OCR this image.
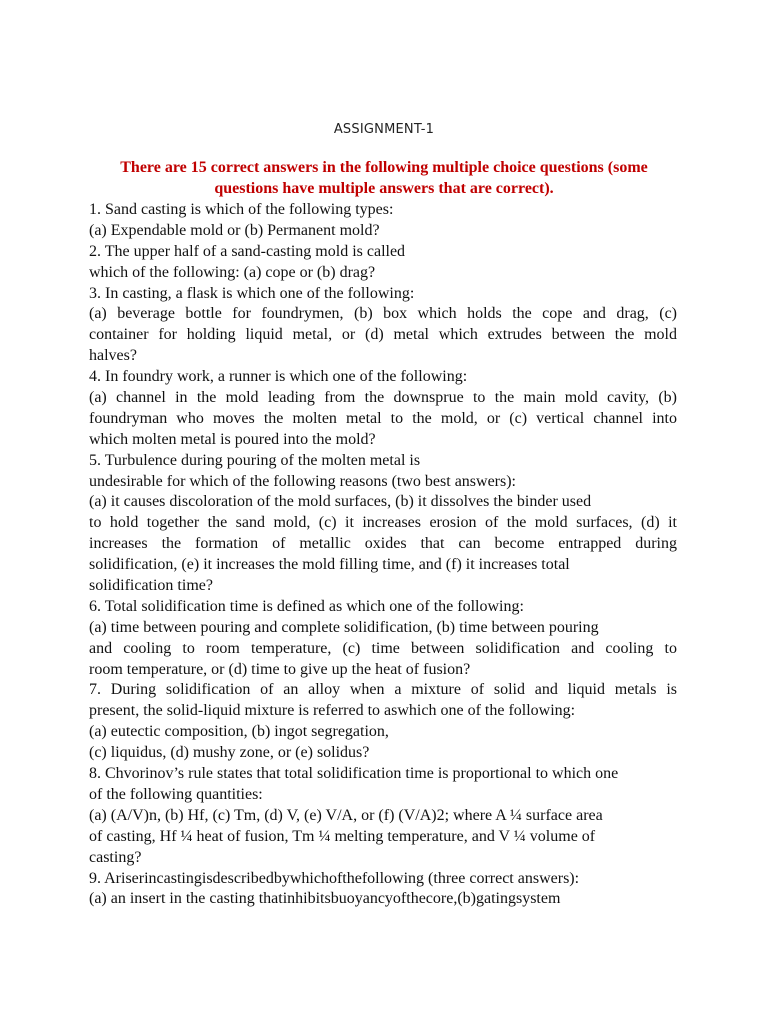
ASSIGNMENT-1
There are 15 correct answers in the following multiple choice questions (some questions have multiple answers that are correct).
1. Sand casting is which of the following types:
(a) Expendable mold or (b) Permanent mold?
2. The upper half of a sand-casting mold is called
which of the following: (a) cope or (b) drag?
3. In casting, a flask is which one of the following:
(a) beverage bottle for foundrymen, (b) box which holds the cope and drag, (c)
container for holding liquid metal, or (d) metal which extrudes between the mold
halves?
4. In foundry work, a runner is which one of the following:
(a) channel in the mold leading from the downsprue to the main mold cavity, (b)
foundryman who moves the molten metal to the mold, or (c) vertical channel into
which molten metal is poured into the mold?
5. Turbulence during pouring of the molten metal is
undesirable for which of the following reasons (two best answers):
(a) it causes discoloration of the mold surfaces, (b) it dissolves the binder used
to hold together the sand mold, (c) it increases erosion of the mold surfaces, (d) it
increases the formation of metallic oxides that can become entrapped during
solidification, (e) it increases the mold filling time, and (f) it increases total
solidification time?
6. Total solidification time is defined as which one of the following:
(a) time between pouring and complete solidification, (b) time between pouring
and cooling to room temperature, (c) time between solidification and cooling to
room temperature, or (d) time to give up the heat of fusion?
7. During solidification of an alloy when a mixture of solid and liquid metals is
present, the solid-liquid mixture is referred to aswhich one of the following:
(a) eutectic composition, (b) ingot segregation,
(c) liquidus, (d) mushy zone, or (e) solidus?
8. Chvorinov’s rule states that total solidification time is proportional to which one
of the following quantities:
(a) (A/V)n, (b) Hf, (c) Tm, (d) V, (e) V/A, or (f) (V/A)2; where A ¼ surface area
of casting, Hf ¼ heat of fusion, Tm ¼ melting temperature, and V ¼ volume of
casting?
9. Ariserincastingisdescribedbywhichofthefollowing (three correct answers):
(a) an insert in the casting thatinhibitsbuoyancyofthecore,(b)gatingsystem
